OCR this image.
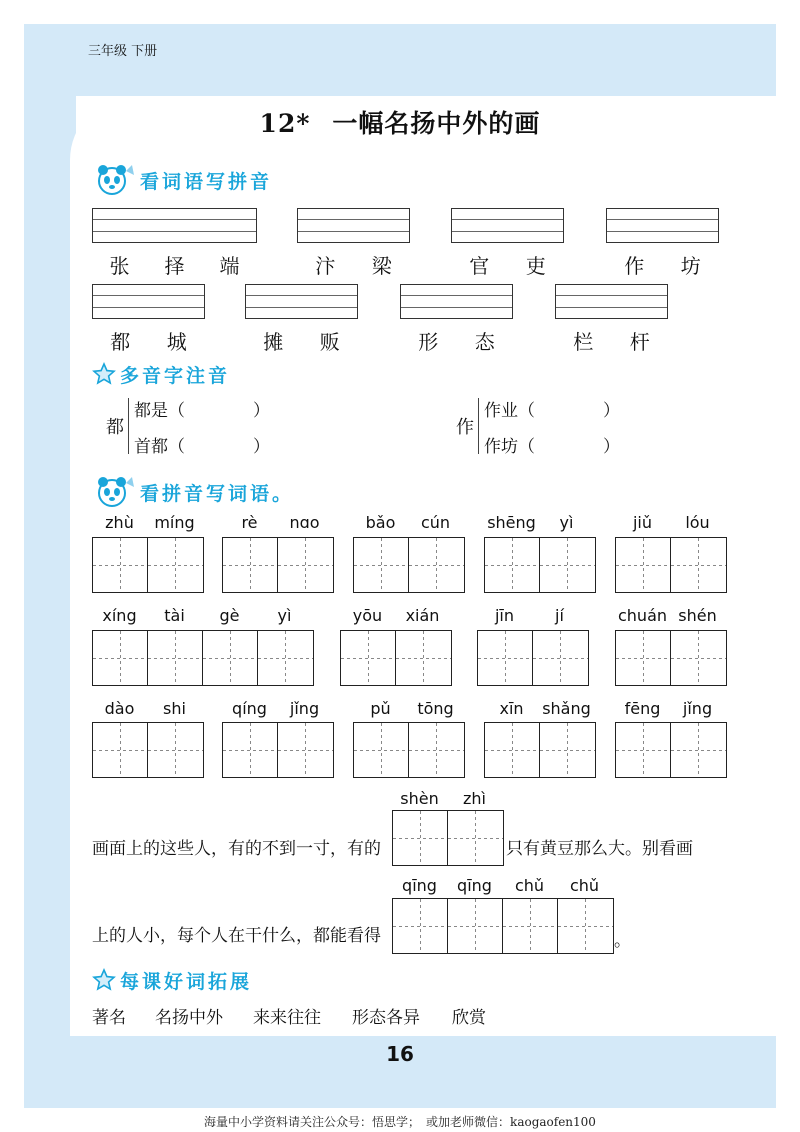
三年级 下册
12* 一幅名扬中外的画
看词语写拼音
张 择 端	汴 梁	官 吏	作 坊
都 城	摊 贩	形 态	栏 杆
多音字注音
都
都是（　　　　）
首都（　　　　）
作
作业（　　　　）
作坊（　　　　）
看拼音写词语。
zhù	míng	rè	nɑo	bǎo	cún	shēng	yì	jiǔ	lóu
xíng	tài	gè	yì	yōu	xián	jīn	jí	chuán shén
dào	shi	qíng	jǐng	pǔ	tōng	xīn	shǎng	fēng	jǐng
shèn	zhì
画面上的这些人，有的不到一寸，有的	只有黄豆那么大。别看画
qīng	qīng	chǔ	chǔ
上的人小，每个人在干什么，都能看得	。
每课好词拓展
著名 名扬中外 来来往往 形态各异 欣赏
16
海量中小学资料请关注公众号：悟思学；　或加老师微信：kaogaofen100
